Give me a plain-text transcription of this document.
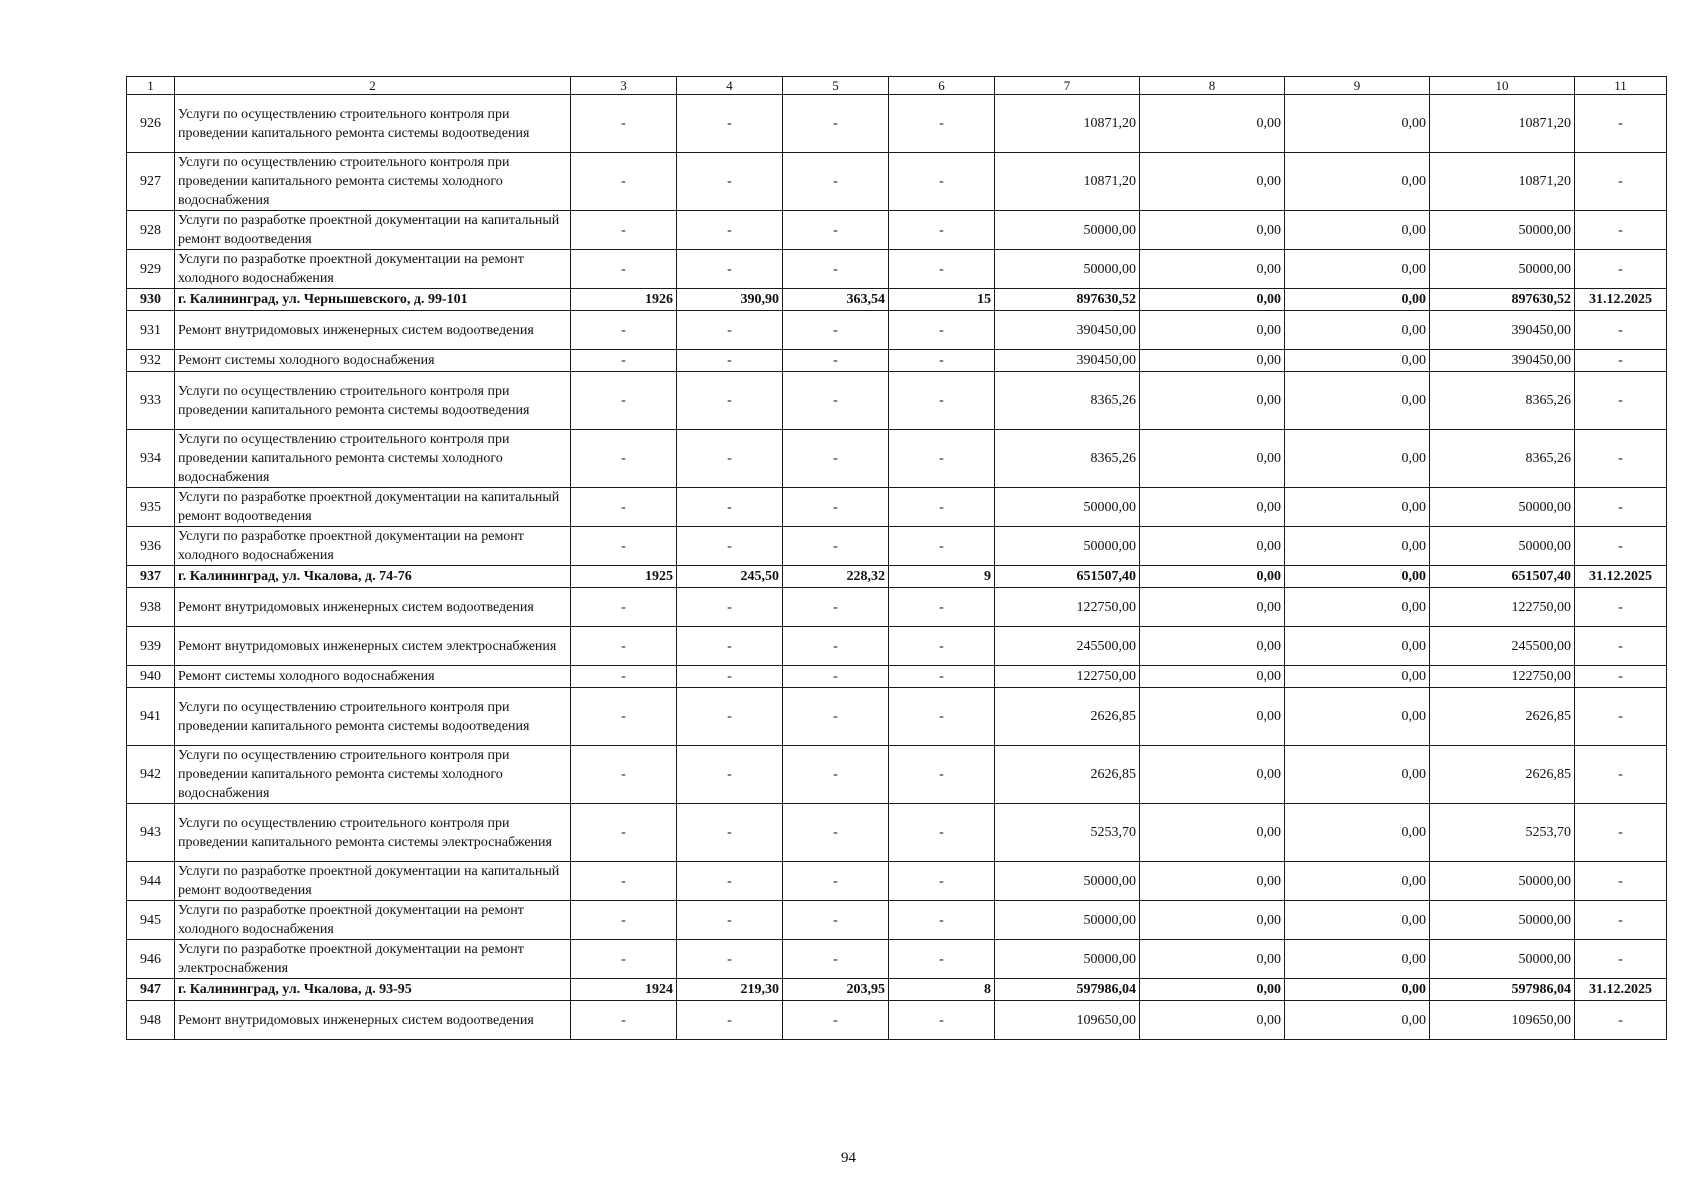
1	2	3	4	5	6	7	8	9	10	11
926	Услуги по осуществлению строительного контроля при проведении капитального ремонта системы водоотведения	-	-	-	-	10871,20	0,00	0,00	10871,20	-
927	Услуги по осуществлению строительного контроля при проведении капитального ремонта системы холодного водоснабжения	-	-	-	-	10871,20	0,00	0,00	10871,20	-
928	Услуги по разработке проектной документации на капитальный ремонт водоотведения	-	-	-	-	50000,00	0,00	0,00	50000,00	-
929	Услуги по разработке проектной документации на ремонт холодного водоснабжения	-	-	-	-	50000,00	0,00	0,00	50000,00	-
930	г. Калининград, ул. Чернышевского, д. 99-101	1926	390,90	363,54	15	897630,52	0,00	0,00	897630,52	31.12.2025
931	Ремонт внутридомовых инженерных систем водоотведения	-	-	-	-	390450,00	0,00	0,00	390450,00	-
932	Ремонт системы холодного водоснабжения	-	-	-	-	390450,00	0,00	0,00	390450,00	-
933	Услуги по осуществлению строительного контроля при проведении капитального ремонта системы водоотведения	-	-	-	-	8365,26	0,00	0,00	8365,26	-
934	Услуги по осуществлению строительного контроля при проведении капитального ремонта системы холодного водоснабжения	-	-	-	-	8365,26	0,00	0,00	8365,26	-
935	Услуги по разработке проектной документации на капитальный ремонт водоотведения	-	-	-	-	50000,00	0,00	0,00	50000,00	-
936	Услуги по разработке проектной документации на ремонт холодного водоснабжения	-	-	-	-	50000,00	0,00	0,00	50000,00	-
937	г. Калининград, ул. Чкалова, д. 74-76	1925	245,50	228,32	9	651507,40	0,00	0,00	651507,40	31.12.2025
938	Ремонт внутридомовых инженерных систем водоотведения	-	-	-	-	122750,00	0,00	0,00	122750,00	-
939	Ремонт внутридомовых инженерных систем электроснабжения	-	-	-	-	245500,00	0,00	0,00	245500,00	-
940	Ремонт системы холодного водоснабжения	-	-	-	-	122750,00	0,00	0,00	122750,00	-
941	Услуги по осуществлению строительного контроля при проведении капитального ремонта системы водоотведения	-	-	-	-	2626,85	0,00	0,00	2626,85	-
942	Услуги по осуществлению строительного контроля при проведении капитального ремонта системы холодного водоснабжения	-	-	-	-	2626,85	0,00	0,00	2626,85	-
943	Услуги по осуществлению строительного контроля при проведении капитального ремонта системы электроснабжения	-	-	-	-	5253,70	0,00	0,00	5253,70	-
944	Услуги по разработке проектной документации на капитальный ремонт водоотведения	-	-	-	-	50000,00	0,00	0,00	50000,00	-
945	Услуги по разработке проектной документации на ремонт холодного водоснабжения	-	-	-	-	50000,00	0,00	0,00	50000,00	-
946	Услуги по разработке проектной документации на ремонт электроснабжения	-	-	-	-	50000,00	0,00	0,00	50000,00	-
947	г. Калининград, ул. Чкалова, д. 93-95	1924	219,30	203,95	8	597986,04	0,00	0,00	597986,04	31.12.2025
948	Ремонт внутридомовых инженерных систем водоотведения	-	-	-	-	109650,00	0,00	0,00	109650,00	-
94
